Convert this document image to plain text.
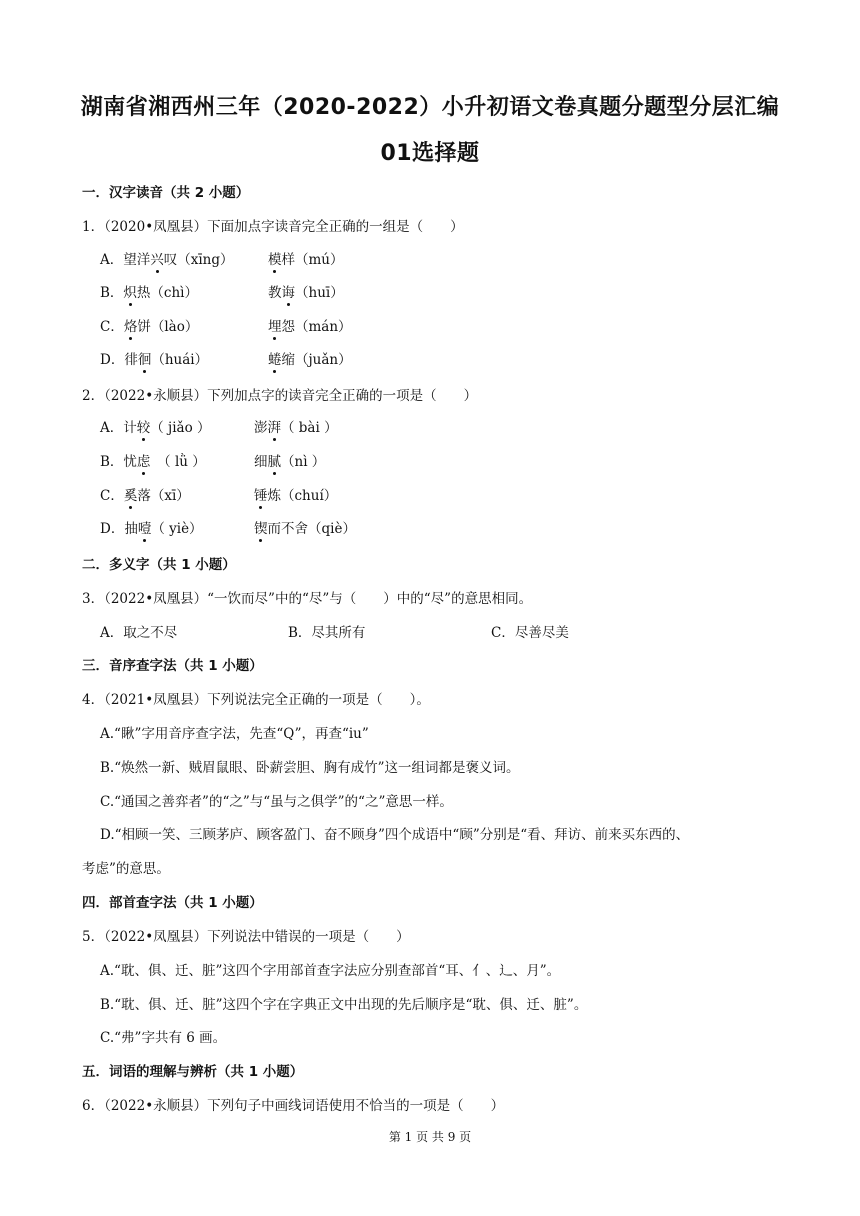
湖南省湘西州三年（2020-2022）小升初语文卷真题分题型分层汇编
01选择题
一．汉字读音（共 2 小题）
1．（2020•凤凰县）下面加点字读音完全正确的一组是（　　）
A．望洋兴叹（xīng）	模样（mú）
B．炽热（chì）	教诲（huī）
C．烙饼（lào）	埋怨（mán）
D．徘徊（huái）	蜷缩（juǎn）
2．（2022•永顺县）下列加点字的读音完全正确的一项是（　　）
A．计较（ jiǎo ）	澎湃（ bài ）
B．忧虑　（ lǜ ）	细腻（nì ）
C．奚落（xī）	锤炼（chuí）
D．抽噎（ yiè）	锲而不舍（qiè）
二．多义字（共 1 小题）
3．（2022•凤凰县）“一饮而尽”中的“尽”与（　　）中的“尽”的意思相同。
A．取之不尽	B．尽其所有	C．尽善尽美
三．音序查字法（共 1 小题）
4．（2021•凤凰县）下列说法完全正确的一项是（　　）。
A.“瞅”字用音序查字法，先查“Q”，再查“iu”
B.“焕然一新、贼眉鼠眼、卧薪尝胆、胸有成竹”这一组词都是褒义词。
C.“通国之善弈者”的“之”与“虽与之俱学”的“之”意思一样。
D.“相顾一笑、三顾茅庐、顾客盈门、奋不顾身”四个成语中“顾”分别是“看、拜访、前来买东西的、
考虑”的意思。
四．部首查字法（共 1 小题）
5．（2022•凤凰县）下列说法中错误的一项是（　　）
A.“耽、俱、迁、脏”这四个字用部首查字法应分别查部首“耳、亻、辶、月”。
B.“耽、俱、迁、脏”这四个字在字典正文中出现的先后顺序是“耽、俱、迁、脏”。
C.“弗”字共有 6 画。
五．词语的理解与辨析（共 1 小题）
6．（2022•永顺县）下列句子中画线词语使用不恰当的一项是（　　）
第 1 页 共 9 页
